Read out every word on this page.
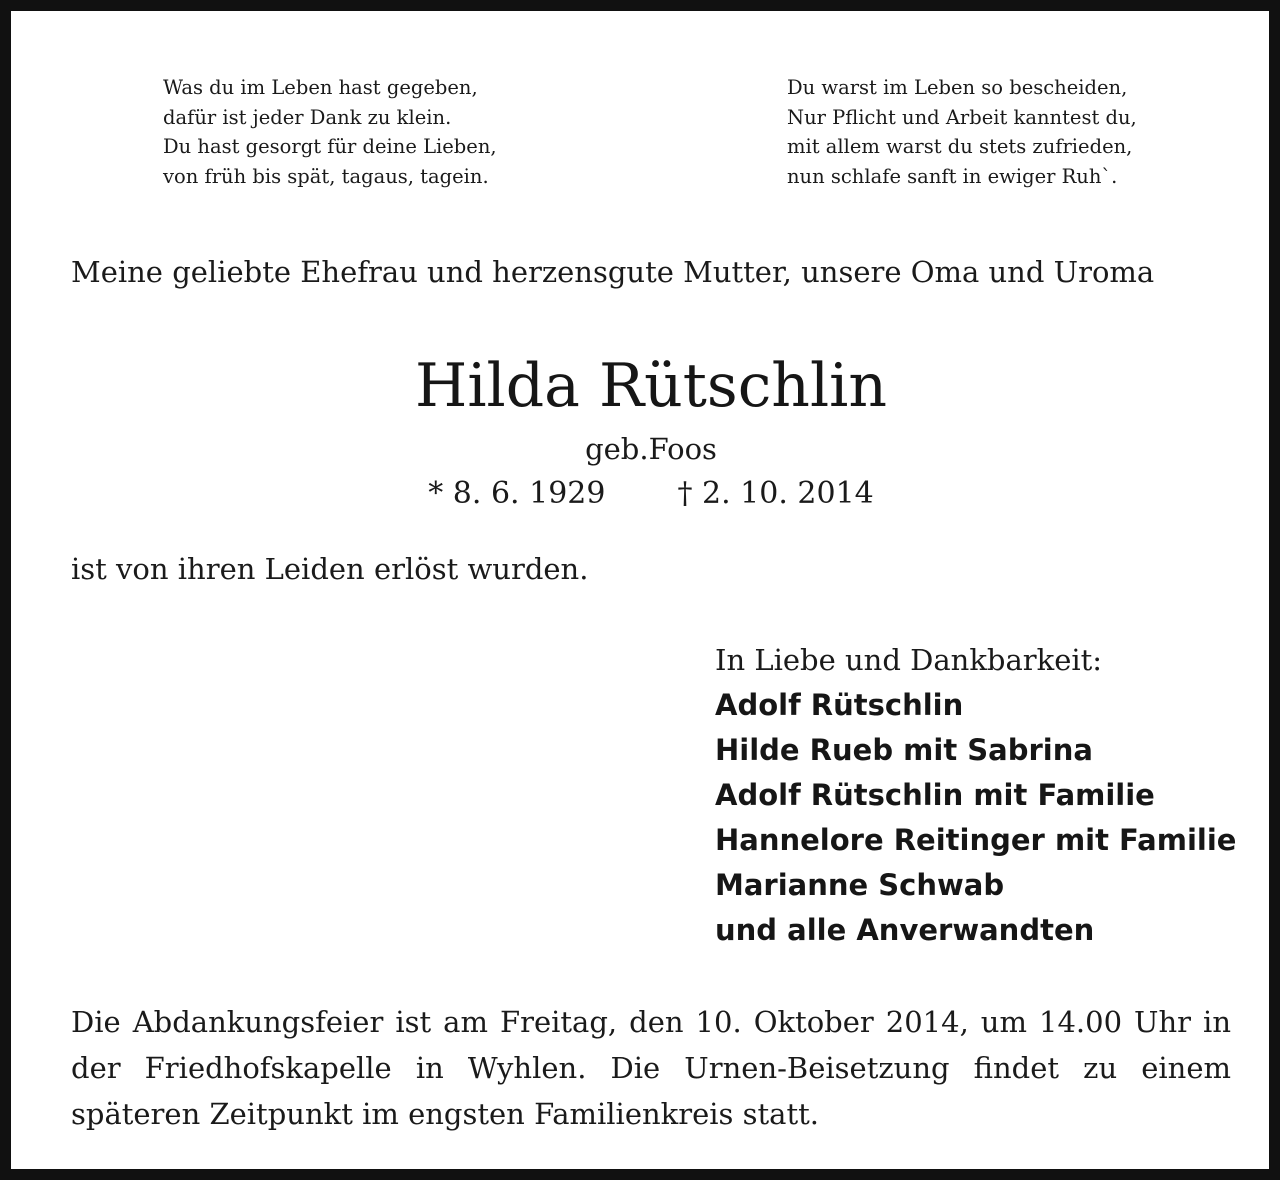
Was du im Leben hast gegeben,
dafür ist jeder Dank zu klein.
Du hast gesorgt für deine Lieben,
von früh bis spät, tagaus, tagein.
Du warst im Leben so bescheiden,
Nur Pflicht und Arbeit kanntest du,
mit allem warst du stets zufrieden,
nun schlafe sanft in ewiger Ruh`.
Meine geliebte Ehefrau und herzensgute Mutter, unsere Oma und Uroma
Hilda Rütschlin
geb.Foos
* 8. 6. 1929 † 2. 10. 2014
ist von ihren Leiden erlöst wurden.
In Liebe und Dankbarkeit:
Adolf Rütschlin
Hilde Rueb mit Sabrina
Adolf Rütschlin mit Familie
Hannelore Reitinger mit Familie
Marianne Schwab
und alle Anverwandten

Die Abdankungsfeier ist am Freitag, den 10. Oktober 2014, um 14.00 Uhr in der Friedhofskapelle in Wyhlen. Die Urnen-Beisetzung findet zu einem späteren Zeitpunkt im engsten Familienkreis statt.
